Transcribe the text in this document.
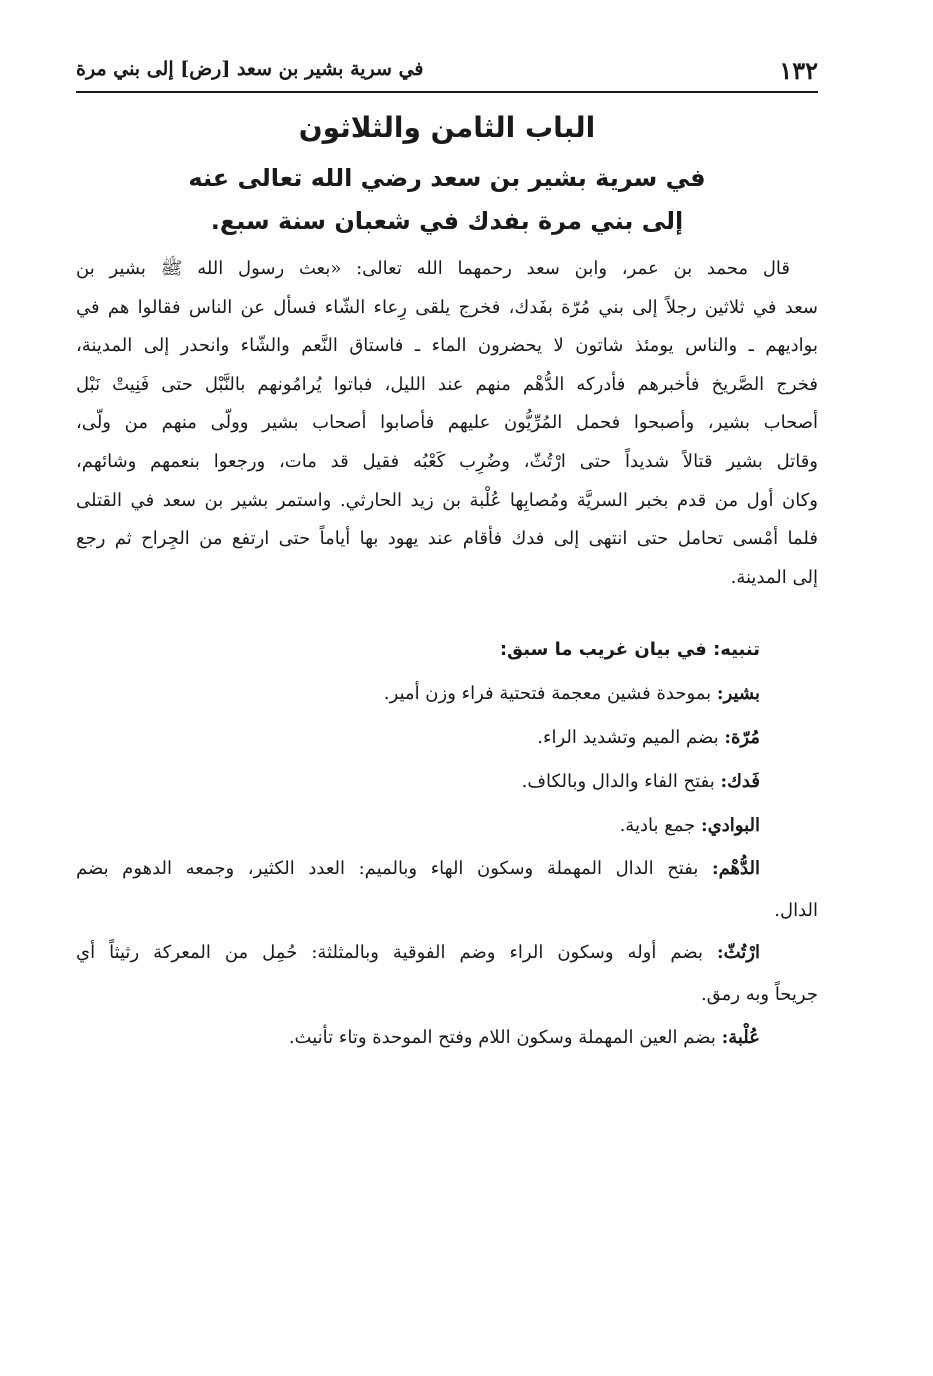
١٣٢
في سرية بشير بن سعد [رض] إلى بني مرة
الباب الثامن والثلاثون
في سرية بشير بن سعد رضي الله تعالى عنه
إلى بني مرة بفدك في شعبان سنة سبع.
قال محمد بن عمر، وابن سعد رحمهما الله تعالى: «بعث رسول الله ﷺ بشير بن
سعد في ثلاثين رجلاً إلى بني مُرّة بفَدك، فخرج يلقى رِعاء الشّاء فسأل عن الناس فقالوا هم في
بواديهم ـ والناس يومئذ شاتون لا يحضرون الماء ـ فاستاق النَّعم والشّاء وانحدر إلى المدينة،
فخرج الصَّريخ فأخبرهم فأدركه الدُّهْم منهم عند الليل، فباتوا يُرامُونهم بالنَّبْل حتى فَنِيتْ نَبْل
أصحاب بشير، وأصبحوا فحمل المُرِّيُّون عليهم فأصابوا أصحاب بشير وولّى منهم من ولّى،
وقاتل بشير قتالاً شديداً حتى ارْتُثّ، وضُرِب كَعْبُه فقيل قد مات، ورجعوا بنعمهم وشائهم،
وكان أول من قدم بخبر السريَّة ومُصابِها عُلْبة بن زيد الحارثي. واستمر بشير بن سعد في القتلى
فلما أمْسى تحامل حتى انتهى إلى فدك فأقام عند يهود بها أياماً حتى ارتفع من الجِراح ثم رجع
إلى المدينة.
تنبيه: في بيان غريب ما سبق:
بشير: بموحدة فشين معجمة فتحتية فراء وزن أمير.
مُرّة: بضم الميم وتشديد الراء.
فَدك: بفتح الفاء والدال وبالكاف.
البوادي: جمع بادية.
الدُّهْم: بفتح الدال المهملة وسكون الهاء وبالميم: العدد الكثير، وجمعه الدهوم بضم
الدال.
ارْتُثّ: بضم أوله وسكون الراء وضم الفوقية وبالمثلثة: حُمِل من المعركة رثيثاً أي
جريحاً وبه رمق.
عُلْبة: بضم العين المهملة وسكون اللام وفتح الموحدة وتاء تأنيث.
